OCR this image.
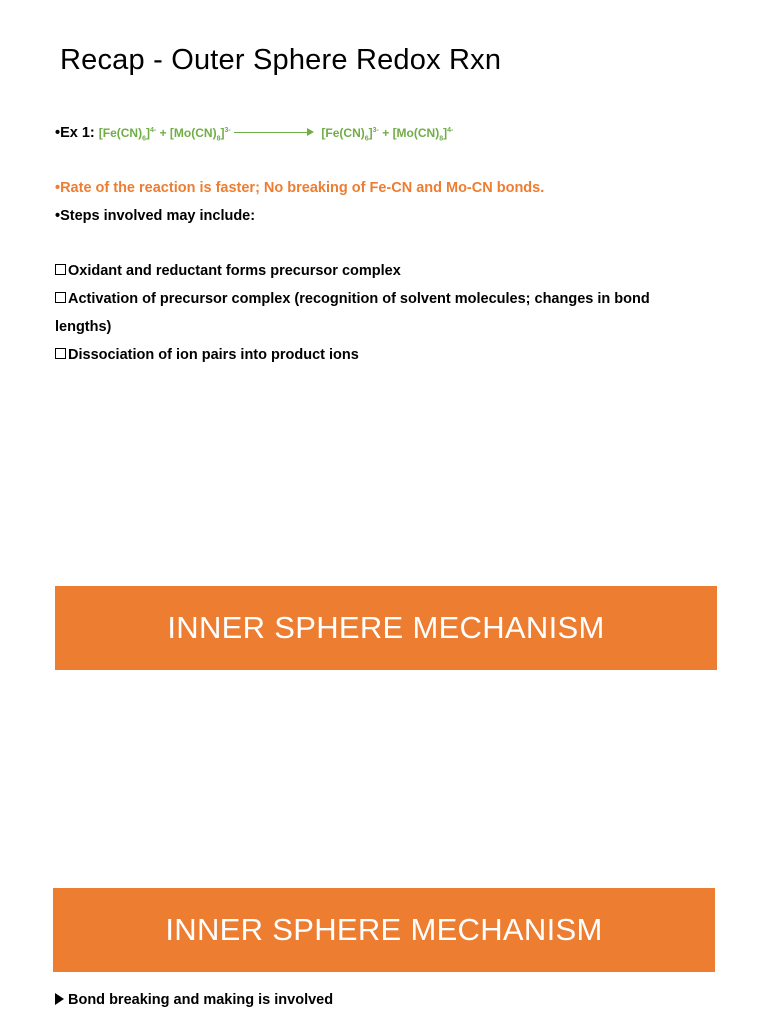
Recap - Outer Sphere Redox Rxn
•Ex 1: $[Fe(CN)_6]^{4-} + [Mo(CN)_8]^{3-}$	$[Fe(CN)_6]^{3-} + [Mo(CN)_8]^{4-}$
•Rate of the reaction is faster; No breaking of Fe-CN and Mo-CN bonds.
•Steps involved may include:
Oxidant and reductant forms precursor complex
Activation of precursor complex (recognition of solvent molecules; changes in bond lengths)
Dissociation of ion pairs into product ions
INNER SPHERE MECHANISM
INNER SPHERE MECHANISM
Bond breaking and making is involved
